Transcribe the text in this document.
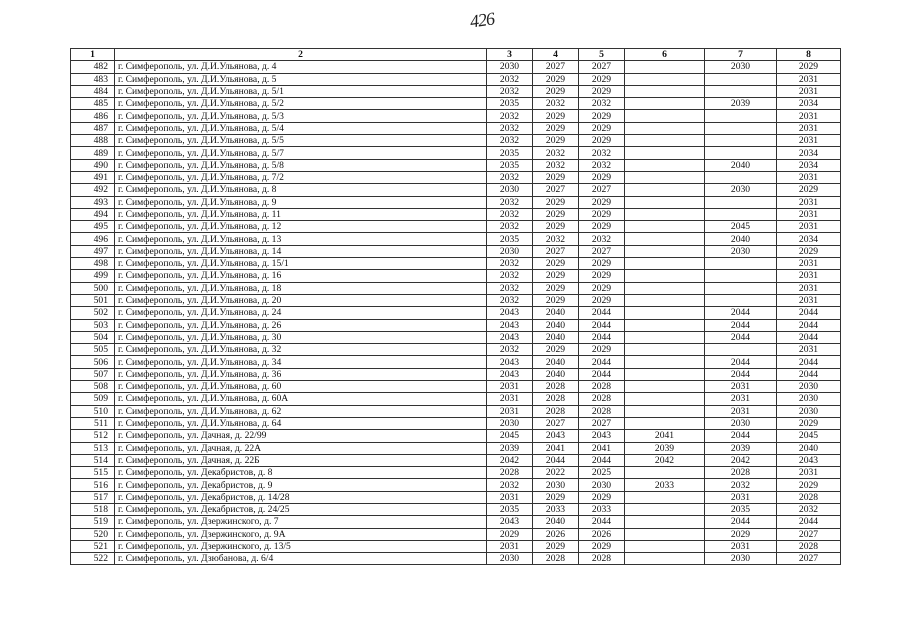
426
1	2	3	4	5	6	7	8
482	г. Симферополь, ул. Д.И.Ульянова, д. 4	2030	2027	2027		2030	2029
483	г. Симферополь, ул. Д.И.Ульянова, д. 5	2032	2029	2029			2031
484	г. Симферополь, ул. Д.И.Ульянова, д. 5/1	2032	2029	2029			2031
485	г. Симферополь, ул. Д.И.Ульянова, д. 5/2	2035	2032	2032		2039	2034
486	г. Симферополь, ул. Д.И.Ульянова, д. 5/3	2032	2029	2029			2031
487	г. Симферополь, ул. Д.И.Ульянова, д. 5/4	2032	2029	2029			2031
488	г. Симферополь, ул. Д.И.Ульянова, д. 5/5	2032	2029	2029			2031
489	г. Симферополь, ул. Д.И.Ульянова, д. 5/7	2035	2032	2032			2034
490	г. Симферополь, ул. Д.И.Ульянова, д. 5/8	2035	2032	2032		2040	2034
491	г. Симферополь, ул. Д.И.Ульянова, д. 7/2	2032	2029	2029			2031
492	г. Симферополь, ул. Д.И.Ульянова, д. 8	2030	2027	2027		2030	2029
493	г. Симферополь, ул. Д.И.Ульянова, д. 9	2032	2029	2029			2031
494	г. Симферополь, ул. Д.И.Ульянова, д. 11	2032	2029	2029			2031
495	г. Симферополь, ул. Д.И.Ульянова, д. 12	2032	2029	2029		2045	2031
496	г. Симферополь, ул. Д.И.Ульянова, д. 13	2035	2032	2032		2040	2034
497	г. Симферополь, ул. Д.И.Ульянова, д. 14	2030	2027	2027		2030	2029
498	г. Симферополь, ул. Д.И.Ульянова, д. 15/1	2032	2029	2029			2031
499	г. Симферополь, ул. Д.И.Ульянова, д. 16	2032	2029	2029			2031
500	г. Симферополь, ул. Д.И.Ульянова, д. 18	2032	2029	2029			2031
501	г. Симферополь, ул. Д.И.Ульянова, д. 20	2032	2029	2029			2031
502	г. Симферополь, ул. Д.И.Ульянова, д. 24	2043	2040	2044		2044	2044
503	г. Симферополь, ул. Д.И.Ульянова, д. 26	2043	2040	2044		2044	2044
504	г. Симферополь, ул. Д.И.Ульянова, д. 30	2043	2040	2044		2044	2044
505	г. Симферополь, ул. Д.И.Ульянова, д. 32	2032	2029	2029			2031
506	г. Симферополь, ул. Д.И.Ульянова, д. 34	2043	2040	2044		2044	2044
507	г. Симферополь, ул. Д.И.Ульянова, д. 36	2043	2040	2044		2044	2044
508	г. Симферополь, ул. Д.И.Ульянова, д. 60	2031	2028	2028		2031	2030
509	г. Симферополь, ул. Д.И.Ульянова, д. 60А	2031	2028	2028		2031	2030
510	г. Симферополь, ул. Д.И.Ульянова, д. 62	2031	2028	2028		2031	2030
511	г. Симферополь, ул. Д.И.Ульянова, д. 64	2030	2027	2027		2030	2029
512	г. Симферополь, ул. Дачная, д. 22/99	2045	2043	2043	2041	2044	2045
513	г. Симферополь, ул. Дачная, д. 22А	2039	2041	2041	2039	2039	2040
514	г. Симферополь, ул. Дачная, д. 22Б	2042	2044	2044	2042	2042	2043
515	г. Симферополь, ул. Декабристов, д. 8	2028	2022	2025		2028	2031
516	г. Симферополь, ул. Декабристов, д. 9	2032	2030	2030	2033	2032	2029
517	г. Симферополь, ул. Декабристов, д. 14/28	2031	2029	2029		2031	2028
518	г. Симферополь, ул. Декабристов, д. 24/25	2035	2033	2033		2035	2032
519	г. Симферополь, ул. Дзержинского, д. 7	2043	2040	2044		2044	2044
520	г. Симферополь, ул. Дзержинского, д. 9А	2029	2026	2026		2029	2027
521	г. Симферополь, ул. Дзержинского, д. 13/5	2031	2029	2029		2031	2028
522	г. Симферополь, ул. Дзюбанова, д. 6/4	2030	2028	2028		2030	2027
